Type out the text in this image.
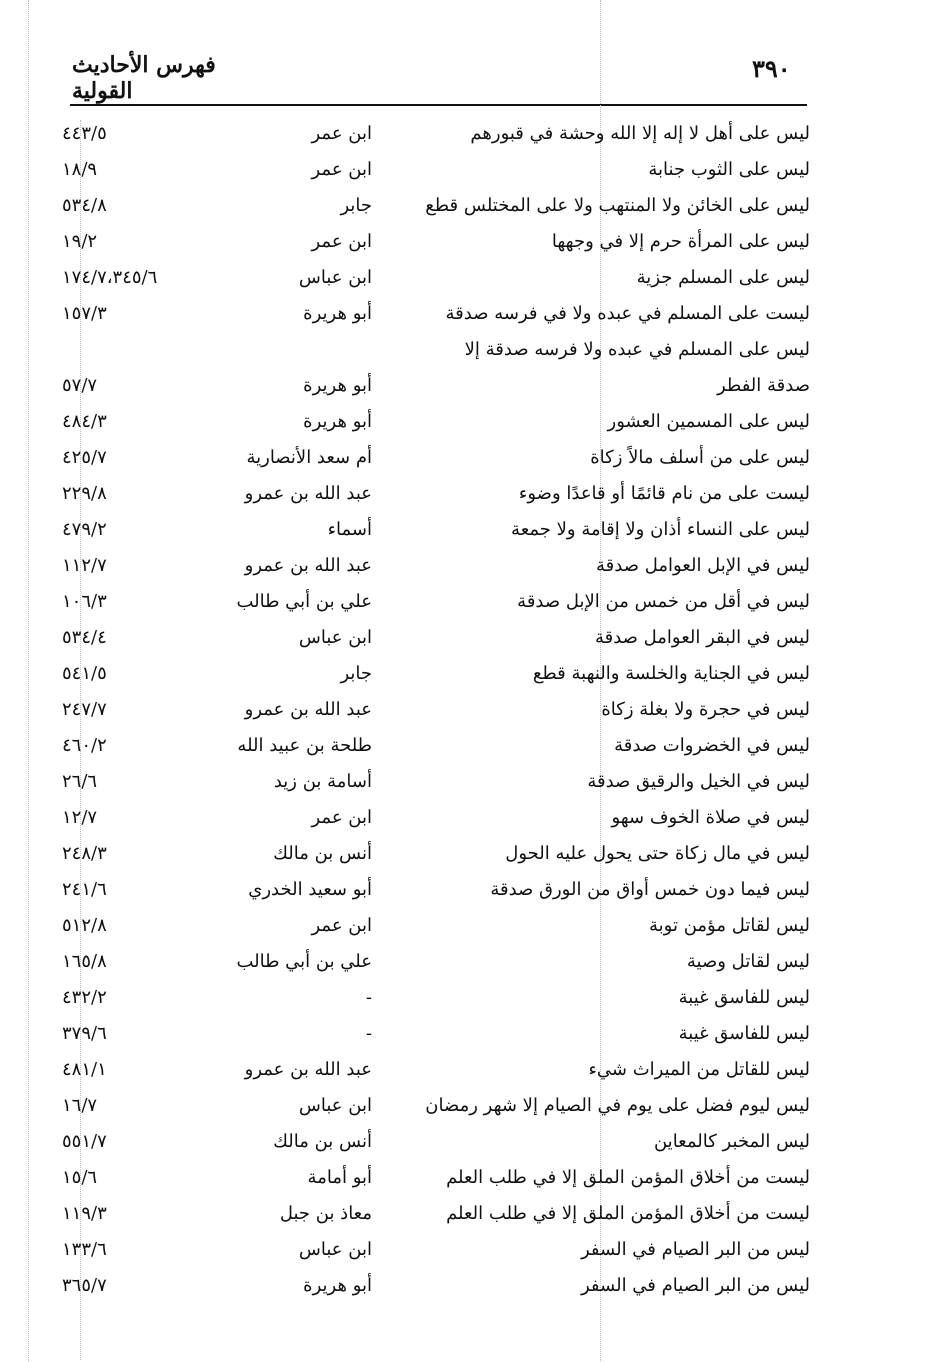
٣٩٠
فهرس الأحاديث القولية
ليس على أهل لا إله إلا الله وحشة في قبورهم
ابن عمر
٤٤٣/٥
ليس على الثوب جنابة
ابن عمر
١٨/٩
ليس على الخائن ولا المنتهب ولا على المختلس قطع
جابر
٥٣٤/٨
ليس على المرأة حرم إلا في وجهها
ابن عمر
١٩/٢
ليس على المسلم جزية
ابن عباس
١٧٤/٧،٣٤٥/٦
ليست على المسلم في عبده ولا في فرسه صدقة
أبو هريرة
١٥٧/٣
ليس على المسلم في عبده ولا فرسه صدقة إلا
صدقة الفطر
أبو هريرة
٥٧/٧
ليس على المسمين العشور
أبو هريرة
٤٨٤/٣
ليس على من أسلف مالاً زكاة
أم سعد الأنصارية
٤٢٥/٧
ليست على من نام قائمًا أو قاعدًا وضوء
عبد الله بن عمرو
٢٢٩/٨
ليس على النساء أذان ولا إقامة ولا جمعة
أسماء
٤٧٩/٢
ليس في الإبل العوامل صدقة
عبد الله بن عمرو
١١٢/٧
ليس في أقل من خمس من الإبل صدقة
علي بن أبي طالب
١٠٦/٣
ليس في البقر العوامل صدقة
ابن عباس
٥٣٤/٤
ليس في الجناية والخلسة والنهبة قطع
جابر
٥٤١/٥
ليس في حجرة ولا بغلة زكاة
عبد الله بن عمرو
٢٤٧/٧
ليس في الخضروات صدقة
طلحة بن عبيد الله
٤٦٠/٢
ليس في الخيل والرقيق صدقة
أسامة بن زيد
٢٦/٦
ليس في صلاة الخوف سهو
ابن عمر
١٢/٧
ليس في مال زكاة حتى يحول عليه الحول
أنس بن مالك
٢٤٨/٣
ليس فيما دون خمس أواق من الورق صدقة
أبو سعيد الخدري
٢٤١/٦
ليس لقاتل مؤمن توبة
ابن عمر
٥١٢/٨
ليس لقاتل وصية
علي بن أبي طالب
١٦٥/٨
ليس للفاسق غيبة
-
٤٣٢/٢
ليس للفاسق غيبة
-
٣٧٩/٦
ليس للقاتل من الميراث شيء
عبد الله بن عمرو
٤٨١/١
ليس ليوم فضل على يوم في الصيام إلا شهر رمضان
ابن عباس
١٦/٧
ليس المخبر كالمعاين
أنس بن مالك
٥٥١/٧
ليست من أخلاق المؤمن الملق إلا في طلب العلم
أبو أمامة
١٥/٦
ليست من أخلاق المؤمن الملق إلا في طلب العلم
معاذ بن جبل
١١٩/٣
ليس من البر الصيام في السفر
ابن عباس
١٣٣/٦
ليس من البر الصيام في السفر
أبو هريرة
٣٦٥/٧
